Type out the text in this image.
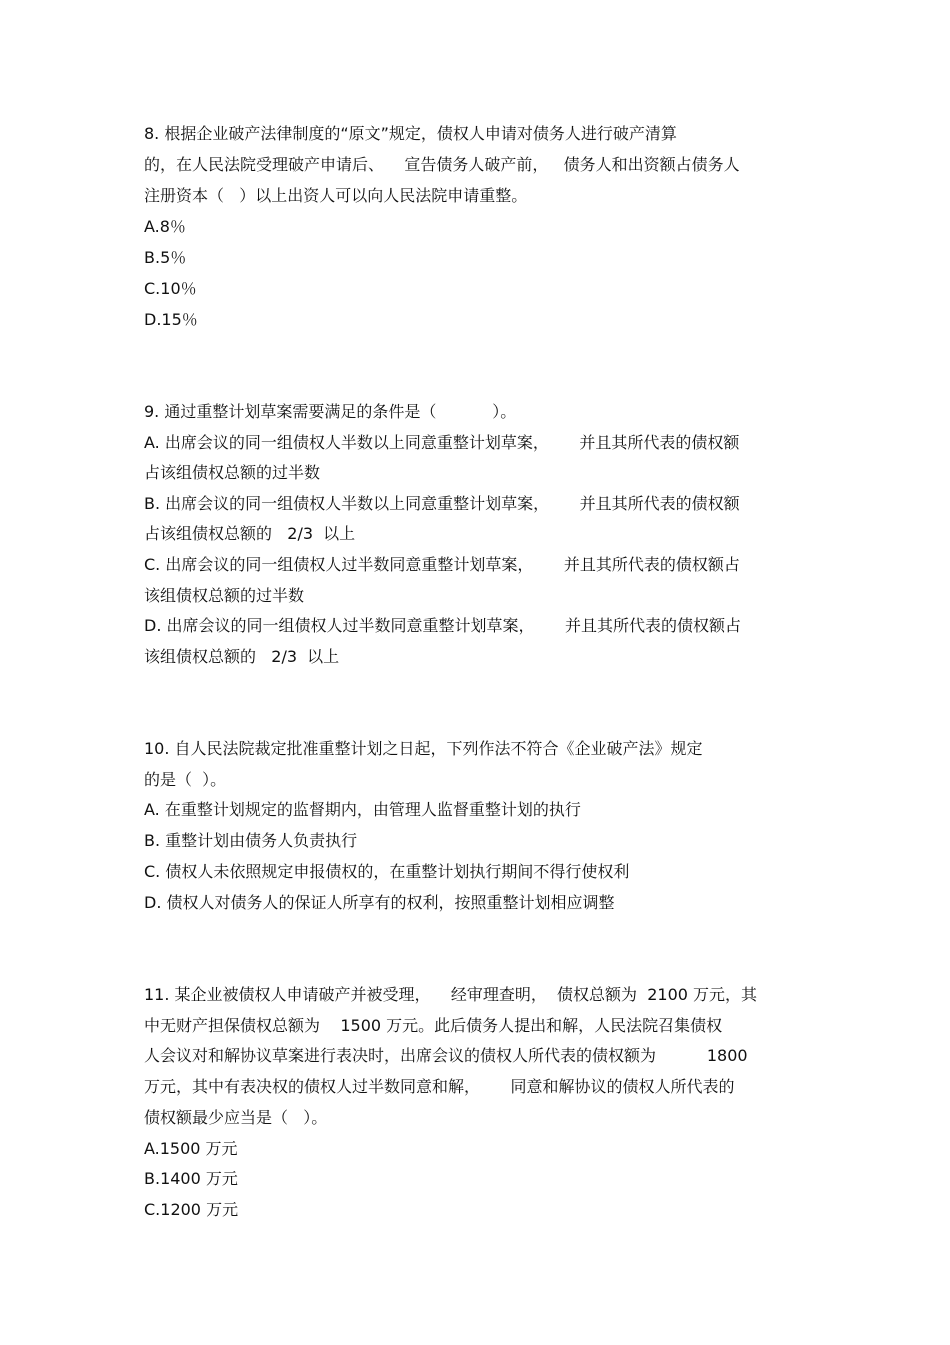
8. 根据企业破产法律制度的“原文”规定，债权人申请对债务人进行破产清算
的，在人民法院受理破产申请后、    宣告债务人破产前，   债务人和出资额占债务人
注册资本（   ）以上出资人可以向人民法院申请重整。
A.8％
B.5％
C.10％
D.15％
9. 通过重整计划草案需要满足的条件是（           ）。
A. 出席会议的同一组债权人半数以上同意重整计划草案，      并且其所代表的债权额
占该组债权总额的过半数
B. 出席会议的同一组债权人半数以上同意重整计划草案，      并且其所代表的债权额
占该组债权总额的   2/3  以上
C. 出席会议的同一组债权人过半数同意重整计划草案，      并且其所代表的债权额占
该组债权总额的过半数
D. 出席会议的同一组债权人过半数同意重整计划草案，      并且其所代表的债权额占
该组债权总额的   2/3  以上
10. 自人民法院裁定批准重整计划之日起，下列作法不符合《企业破产法》规定
的是（  ）。
A. 在重整计划规定的监督期内，由管理人监督重整计划的执行
B. 重整计划由债务人负责执行
C. 债权人未依照规定申报债权的，在重整计划执行期间不得行使权利
D. 债权人对债务人的保证人所享有的权利，按照重整计划相应调整
11. 某企业被债权人申请破产并被受理，    经审理查明，  债权总额为  2100 万元，其
中无财产担保债权总额为    1500 万元。此后债务人提出和解，人民法院召集债权
人会议对和解协议草案进行表决时，出席会议的债权人所代表的债权额为          1800
万元，其中有表决权的债权人过半数同意和解，      同意和解协议的债权人所代表的
债权额最少应当是（   ）。
A.1500 万元
B.1400 万元
C.1200 万元
